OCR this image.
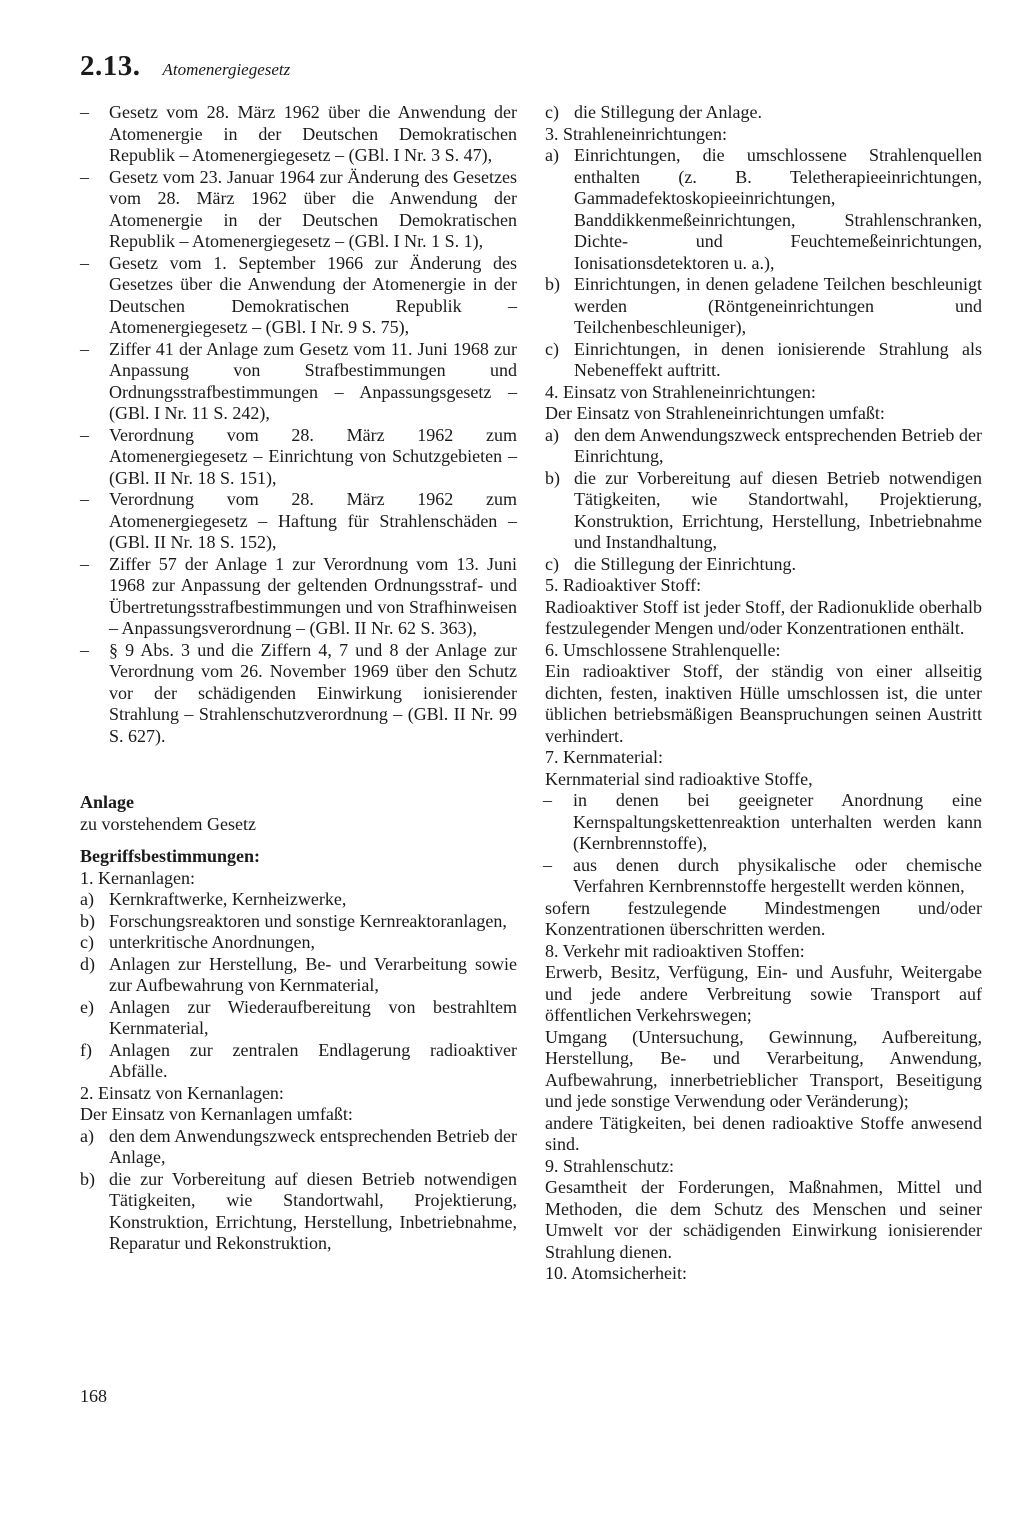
2.13. Atomenergiegesetz

– Gesetz vom 28. März 1962 über die Anwendung der Atomenergie in der Deutschen Demokratischen Republik – Atomenergiegesetz – (GBl. I Nr. 3 S. 47),

– Gesetz vom 23. Januar 1964 zur Änderung des Gesetzes vom 28. März 1962 über die Anwendung der Atomenergie in der Deutschen Demokratischen Republik – Atomenergiegesetz – (GBl. I Nr. 1 S. 1),

– Gesetz vom 1. September 1966 zur Änderung des Gesetzes über die Anwendung der Atomenergie in der Deutschen Demokratischen Republik – Atomenergiegesetz – (GBl. I Nr. 9 S. 75),

– Ziffer 41 der Anlage zum Gesetz vom 11. Juni 1968 zur Anpassung von Strafbestimmungen und Ordnungsstrafbestimmungen – Anpassungsgesetz – (GBl. I Nr. 11 S. 242),

– Verordnung vom 28. März 1962 zum Atomenergiegesetz – Einrichtung von Schutzgebieten – (GBl. II Nr. 18 S. 151),

– Verordnung vom 28. März 1962 zum Atomenergiegesetz – Haftung für Strahlenschäden – (GBl. II Nr. 18 S. 152),

– Ziffer 57 der Anlage 1 zur Verordnung vom 13. Juni 1968 zur Anpassung der geltenden Ordnungsstraf- und Übertretungsstrafbestimmungen und von Strafhinweisen – Anpassungsverordnung – (GBl. II Nr. 62 S. 363),

– § 9 Abs. 3 und die Ziffern 4, 7 und 8 der Anlage zur Verordnung vom 26. November 1969 über den Schutz vor der schädigenden Einwirkung ionisierender Strahlung – Strahlenschutzverordnung – (GBl. II Nr. 99 S. 627).

Anlage

zu vorstehendem Gesetz

Begriffsbestimmungen:

1. Kernanlagen:

a) Kernkraftwerke, Kernheizwerke,

b) Forschungsreaktoren und sonstige Kernreaktoranlagen,

c) unterkritische Anordnungen,

d) Anlagen zur Herstellung, Be- und Verarbeitung sowie zur Aufbewahrung von Kernmaterial,

e) Anlagen zur Wiederaufbereitung von bestrahltem Kernmaterial,

f) Anlagen zur zentralen Endlagerung radioaktiver Abfälle.

2. Einsatz von Kernanlagen:

Der Einsatz von Kernanlagen umfaßt:

a) den dem Anwendungszweck entsprechenden Betrieb der Anlage,

b) die zur Vorbereitung auf diesen Betrieb notwendigen Tätigkeiten, wie Standortwahl, Projektierung, Konstruktion, Errichtung, Herstellung, Inbetriebnahme, Reparatur und Rekonstruktion,

c) die Stillegung der Anlage.

3. Strahleneinrichtungen:

a) Einrichtungen, die umschlossene Strahlenquellen enthalten (z. B. Teletherapieeinrichtungen, Gammadefektoskopieeinrichtungen, Banddikkenmeßeinrichtungen, Strahlenschranken, Dichte- und Feuchtemeßeinrichtungen, Ionisationsdetektoren u. a.),

b) Einrichtungen, in denen geladene Teilchen beschleunigt werden (Röntgeneinrichtungen und Teilchenbeschleuniger),

c) Einrichtungen, in denen ionisierende Strahlung als Nebeneffekt auftritt.

4. Einsatz von Strahleneinrichtungen:

Der Einsatz von Strahleneinrichtungen umfaßt:

a) den dem Anwendungszweck entsprechenden Betrieb der Einrichtung,

b) die zur Vorbereitung auf diesen Betrieb notwendigen Tätigkeiten, wie Standortwahl, Projektierung, Konstruktion, Errichtung, Herstellung, Inbetriebnahme und Instandhaltung,

c) die Stillegung der Einrichtung.

5. Radioaktiver Stoff:

Radioaktiver Stoff ist jeder Stoff, der Radionuklide oberhalb festzulegender Mengen und/oder Konzentrationen enthält.

6. Umschlossene Strahlenquelle:

Ein radioaktiver Stoff, der ständig von einer allseitig dichten, festen, inaktiven Hülle umschlossen ist, die unter üblichen betriebsmäßigen Beanspruchungen seinen Austritt verhindert.

7. Kernmaterial:

Kernmaterial sind radioaktive Stoffe,

– in denen bei geeigneter Anordnung eine Kernspaltungskettenreaktion unterhalten werden kann (Kernbrennstoffe),

– aus denen durch physikalische oder chemische Verfahren Kernbrennstoffe hergestellt werden können,

sofern festzulegende Mindestmengen und/oder Konzentrationen überschritten werden.

8. Verkehr mit radioaktiven Stoffen:

Erwerb, Besitz, Verfügung, Ein- und Ausfuhr, Weitergabe und jede andere Verbreitung sowie Transport auf öffentlichen Verkehrswegen;

Umgang (Untersuchung, Gewinnung, Aufbereitung, Herstellung, Be- und Verarbeitung, Anwendung, Aufbewahrung, innerbetrieblicher Transport, Beseitigung und jede sonstige Verwendung oder Veränderung);

andere Tätigkeiten, bei denen radioaktive Stoffe anwesend sind.

9. Strahlenschutz:

Gesamtheit der Forderungen, Maßnahmen, Mittel und Methoden, die dem Schutz des Menschen und seiner Umwelt vor der schädigenden Einwirkung ionisierender Strahlung dienen.

10. Atomsicherheit:

168
